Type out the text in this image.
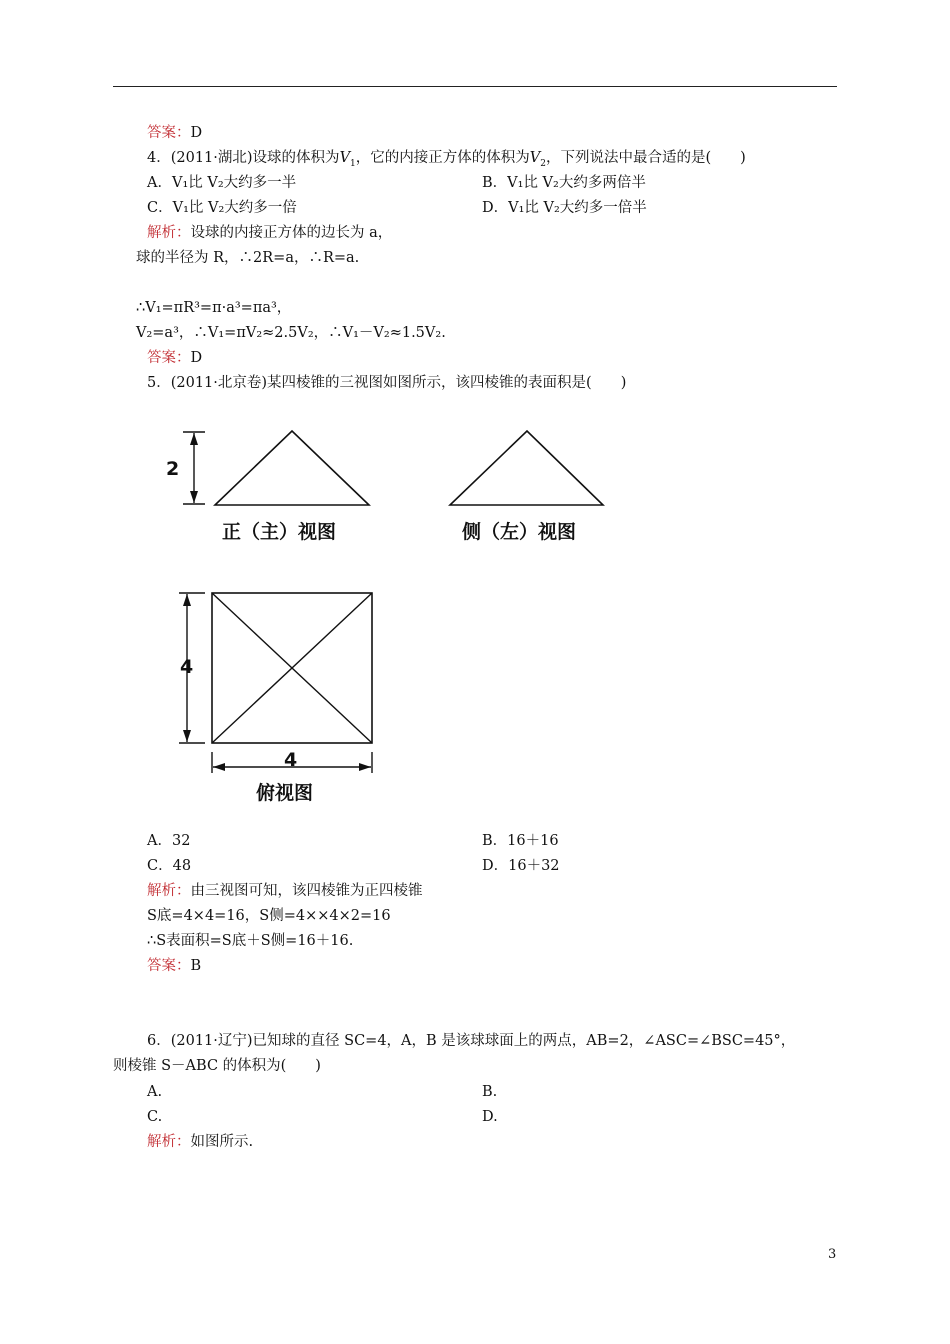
答案：D
4．(2011·湖北)设球的体积为$V_1$，它的内接正方体的体积为$V_2$，下列说法中最合适的是(　　)
A．V₁比 V₂大约多一半	B．V₁比 V₂大约多两倍半
C．V₁比 V₂大约多一倍	D．V₁比 V₂大约多一倍半
解析：设球的内接正方体的边长为 a，
球的半径为 R，∴2R=a，∴R=a.
∴V₁=πR³=π·a³=πa³，
V₂=a³，∴V₁=πV₂≈2.5V₂，∴V₁－V₂≈1.5V₂.
答案：D
5．(2011·北京卷)某四棱锥的三视图如图所示，该四棱锥的表面积是(　　)
2
正（主）视图	侧（左）视图
4
4
俯视图
A．32	B．16＋16
C．48	D．16＋32
解析：由三视图可知，该四棱锥为正四棱锥
S底=4×4=16，S侧=4××4×2=16
∴S表面积=S底＋S侧=16＋16.
答案：B
6．(2011·辽宁)已知球的直径 SC=4，A，B 是该球球面上的两点，AB=2，∠ASC=∠BSC=45°，
则棱锥 S－ABC 的体积为(　　)
A.	B.
C.	D.
解析：如图所示.
3
